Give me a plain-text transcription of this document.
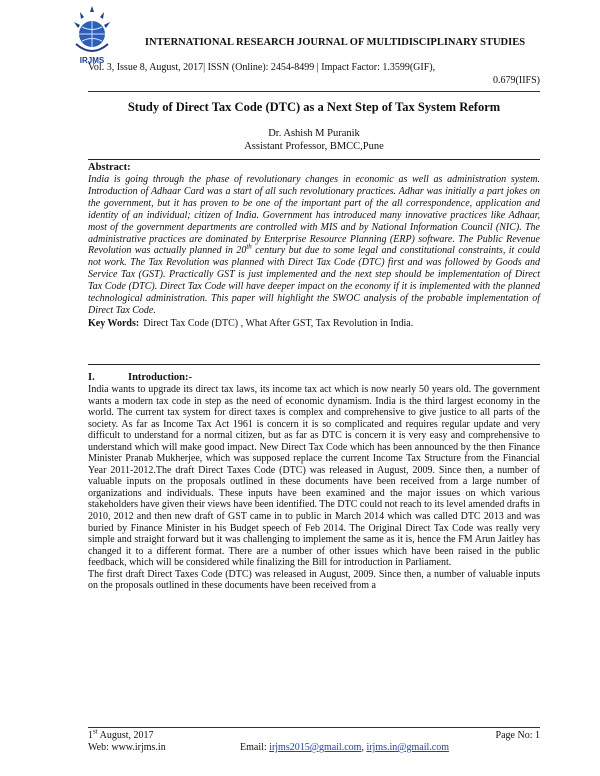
IRJMS
INTERNATIONAL RESEARCH JOURNAL OF MULTIDISCIPLINARY STUDIES
Vol. 3, Issue 8, August, 2017| ISSN (Online): 2454-8499 | Impact Factor: 1.3599(GIF),
0.679(IIFS)
Study of Direct Tax Code (DTC) as a Next Step of Tax System Reform
Dr. Ashish M Puranik
Assistant Professor, BMCC,Pune
Abstract:

India is going through the phase of revolutionary changes in economic as well as administration system. Introduction of Adhaar Card was a start of all such revolutionary practices. Adhar was initially a part jokes on the government, but it has proven to be one of the important part of the all correspondence, application and identity of an individual; citizen of India. Government has introduced many innovative practices like Adhaar, most of the government departments are controlled with MIS and by National Information Council (NIC). The administrative practices are dominated by Enterprise Resource Planning (ERP) software. The Public Revenue Revolution was actually planned in 20th century but due to some legal and constitutional constraints, it could not work. The Tax Revolution was planned with Direct Tax Code (DTC) first and was followed by Goods and Service Tax (GST). Practically GST is just implemented and the next step should be implementation of Direct Tax Code (DTC). Direct Tax Code will have deeper impact on the economy if it is implemented with the planned technological administration. This paper will highlight the SWOC analysis of the probable implementation of Direct Tax Code.

Key Words: Direct Tax Code (DTC) , What After GST, Tax Revolution in India.
I.	Introduction:-

India wants to upgrade its direct tax laws, its income tax act which is now nearly 50 years old. The government wants a modern tax code in step as the need of economic dynamism. India is the third largest economy in the world. The current tax system for direct taxes is complex and comprehensive to give justice to all parts of the society. As far as Income Tax Act 1961 is concern it is so complicated and requires regular update and very difficult to understand for a normal citizen, but as far as DTC is concern it is very easy and comprehensive to understand which will make good impact. New Direct Tax Code which has been announced by the then Finance Minister Pranab Mukherjee, which was supposed replace the current Income Tax Structure from the Financial Year 2011-2012.The draft Direct Taxes Code (DTC) was released in August, 2009. Since then, a number of valuable inputs on the proposals outlined in these documents have been received from a large number of organizations and individuals. These inputs have been examined and the major issues on which various stakeholders have given their views have been identified. The DTC could not reach to its level amended drafts in 2010, 2012 and then new draft of GST came in to public in March 2014 which was called DTC 2013 and was buried by Finance Minister in his Budget speech of Feb 2014. The Original Direct Tax Code was really very simple and straight forward but it was challenging to implement the same as it is, hence the FM Arun Jaitley has changed it to a different format. There are a number of other issues which have been raised in the public feedback, which will be considered while finalizing the Bill for introduction in Parliament.

The first draft Direct Taxes Code (DTC) was released in August, 2009. Since then, a number of valuable inputs on the proposals outlined in these documents have been received from a

1st August, 2017
Web: www.irjms.in
Page No: 1
Email: irjms2015@gmail.com, irjms.in@gmail.com
